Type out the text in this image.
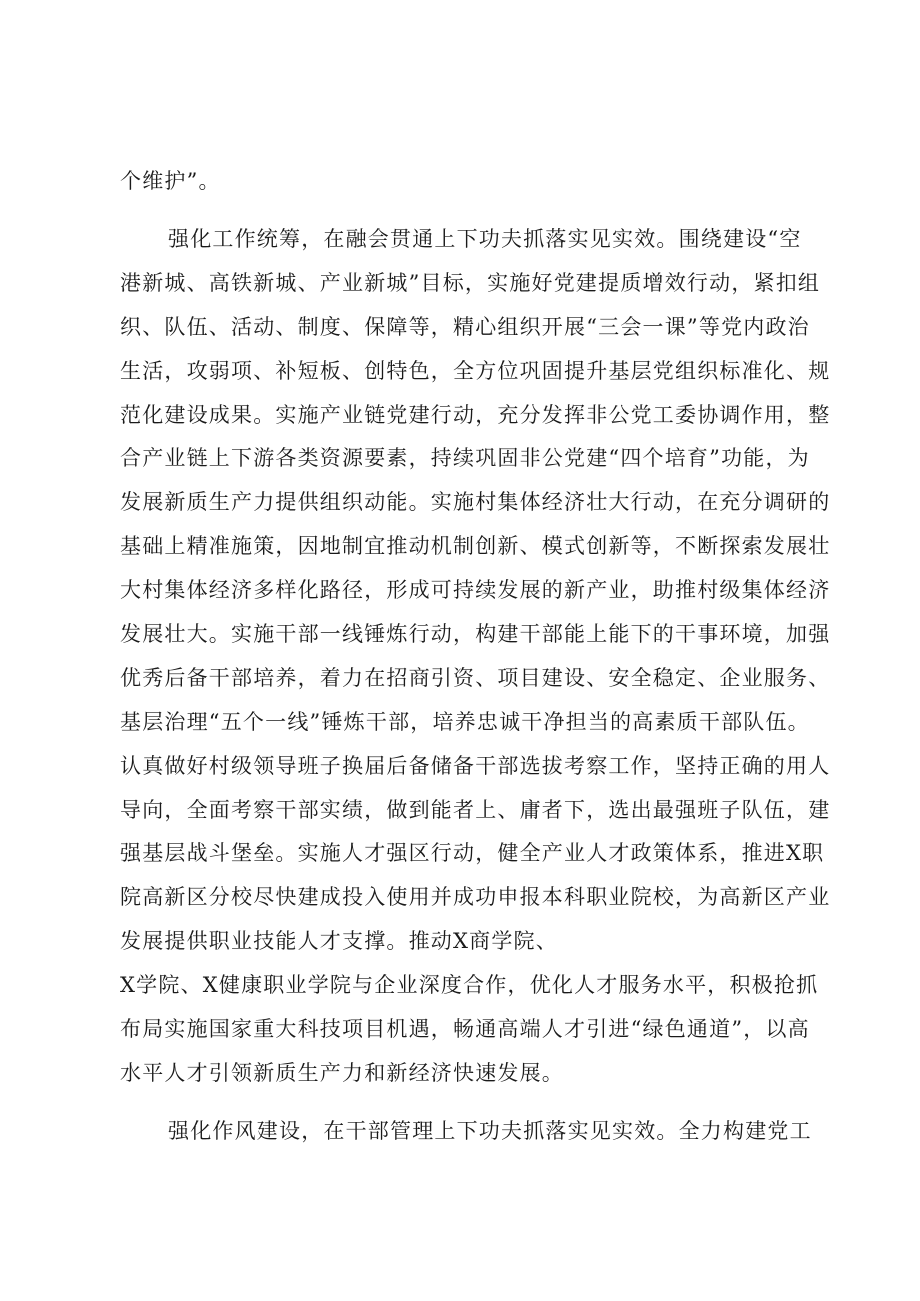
个维护”。
强化工作统筹，在融会贯通上下功夫抓落实见实效。围绕建设“空
港新城、高铁新城、产业新城”目标，实施好党建提质增效行动，紧扣组
织、队伍、活动、制度、保障等，精心组织开展“三会一课”等党内政治
生活，攻弱项、补短板、创特色，全方位巩固提升基层党组织标准化、规
范化建设成果。实施产业链党建行动，充分发挥非公党工委协调作用，整
合产业链上下游各类资源要素，持续巩固非公党建“四个培育”功能，为
发展新质生产力提供组织动能。实施村集体经济壮大行动，在充分调研的
基础上精准施策，因地制宜推动机制创新、模式创新等，不断探索发展壮
大村集体经济多样化路径，形成可持续发展的新产业，助推村级集体经济
发展壮大。实施干部一线锤炼行动，构建干部能上能下的干事环境，加强
优秀后备干部培养，着力在招商引资、项目建设、安全稳定、企业服务、
基层治理“五个一线”锤炼干部，培养忠诚干净担当的高素质干部队伍。
认真做好村级领导班子换届后备储备干部选拔考察工作，坚持正确的用人
导向，全面考察干部实绩，做到能者上、庸者下，选出最强班子队伍，建
强基层战斗堡垒。实施人才强区行动，健全产业人才政策体系，推进X职
院高新区分校尽快建成投入使用并成功申报本科职业院校，为高新区产业
发展提供职业技能人才支撑。推动X商学院、
X学院、X健康职业学院与企业深度合作，优化人才服务水平，积极抢抓
布局实施国家重大科技项目机遇，畅通高端人才引进“绿色通道”，以高
水平人才引领新质生产力和新经济快速发展。
强化作风建设，在干部管理上下功夫抓落实见实效。全力构建党工
